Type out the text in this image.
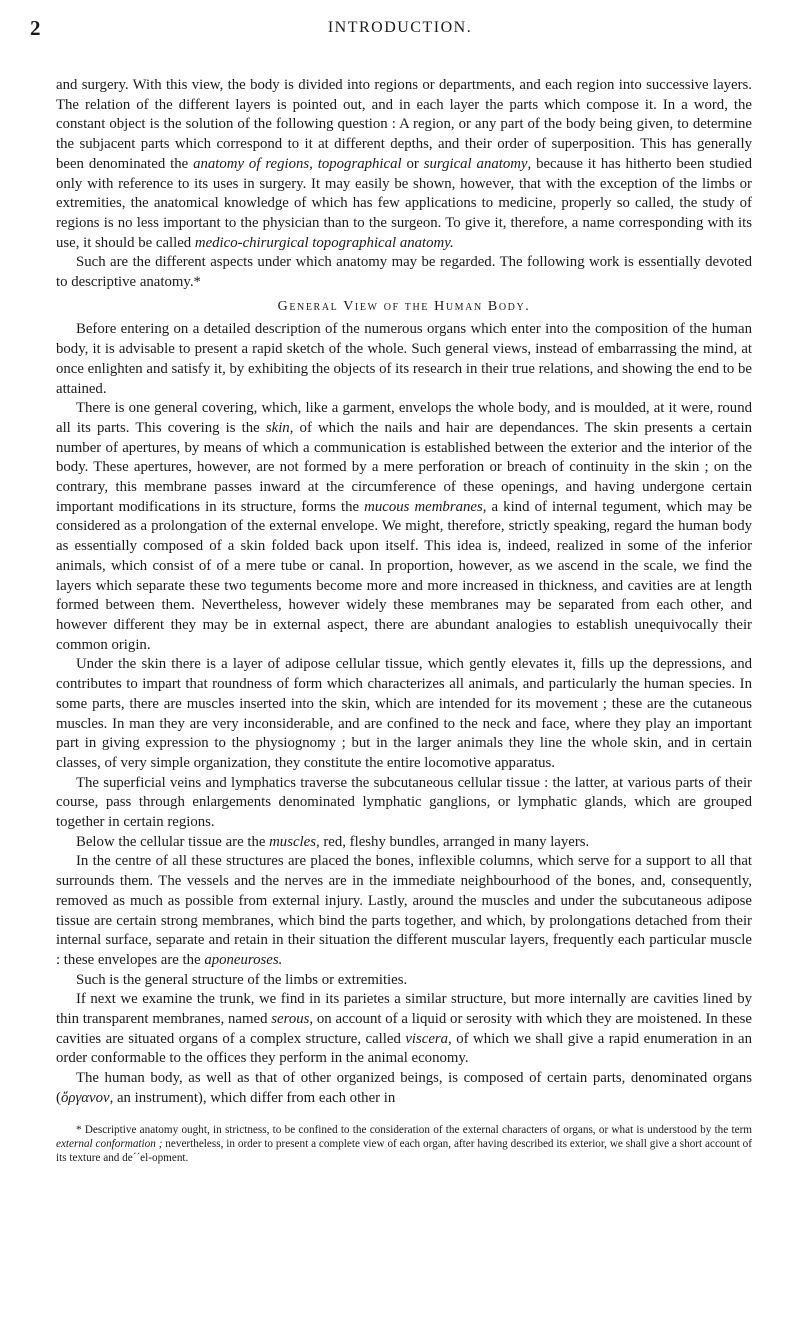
2	INTRODUCTION.

and surgery. With this view, the body is divided into regions or departments, and each region into successive layers. The relation of the different layers is pointed out, and in each layer the parts which compose it. In a word, the constant object is the solution of the following question : A region, or any part of the body being given, to determine the subjacent parts which correspond to it at different depths, and their order of superposition. This has generally been denominated the anatomy of regions, topographical or surgical anatomy, because it has hitherto been studied only with reference to its uses in surgery. It may easily be shown, however, that with the exception of the limbs or extremities, the anatomical knowledge of which has few applications to medicine, properly so called, the study of regions is no less important to the physician than to the surgeon. To give it, therefore, a name corresponding with its use, it should be called medico-chirurgical topographical anatomy.

Such are the different aspects under which anatomy may be regarded. The following work is essentially devoted to descriptive anatomy.*

General View of the Human Body.

Before entering on a detailed description of the numerous organs which enter into the composition of the human body, it is advisable to present a rapid sketch of the whole. Such general views, instead of embarrassing the mind, at once enlighten and satisfy it, by exhibiting the objects of its research in their true relations, and showing the end to be attained.

There is one general covering, which, like a garment, envelops the whole body, and is moulded, at it were, round all its parts. This covering is the skin, of which the nails and hair are dependances. The skin presents a certain number of apertures, by means of which a communication is established between the exterior and the interior of the body. These apertures, however, are not formed by a mere perforation or breach of continuity in the skin ; on the contrary, this membrane passes inward at the circumference of these openings, and having undergone certain important modifications in its structure, forms the mucous membranes, a kind of internal tegument, which may be considered as a prolongation of the external envelope. We might, therefore, strictly speaking, regard the human body as essentially composed of a skin folded back upon itself. This idea is, indeed, realized in some of the inferior animals, which consist of of a mere tube or canal. In proportion, however, as we ascend in the scale, we find the layers which separate these two teguments become more and more increased in thickness, and cavities are at length formed between them. Nevertheless, however widely these membranes may be separated from each other, and however different they may be in external aspect, there are abundant analogies to establish unequivocally their common origin.

Under the skin there is a layer of adipose cellular tissue, which gently elevates it, fills up the depressions, and contributes to impart that roundness of form which characterizes all animals, and particularly the human species. In some parts, there are muscles inserted into the skin, which are intended for its movement ; these are the cutaneous muscles. In man they are very inconsiderable, and are confined to the neck and face, where they play an important part in giving expression to the physiognomy ; but in the larger animals they line the whole skin, and in certain classes, of very simple organization, they constitute the entire locomotive apparatus.

The superficial veins and lymphatics traverse the subcutaneous cellular tissue : the latter, at various parts of their course, pass through enlargements denominated lymphatic ganglions, or lymphatic glands, which are grouped together in certain regions.

Below the cellular tissue are the muscles, red, fleshy bundles, arranged in many layers.

In the centre of all these structures are placed the bones, inflexible columns, which serve for a support to all that surrounds them. The vessels and the nerves are in the immediate neighbourhood of the bones, and, consequently, removed as much as possible from external injury. Lastly, around the muscles and under the subcutaneous adipose tissue are certain strong membranes, which bind the parts together, and which, by prolongations detached from their internal surface, separate and retain in their situation the different muscular layers, frequently each particular muscle : these envelopes are the aponeuroses.

Such is the general structure of the limbs or extremities.

If next we examine the trunk, we find in its parietes a similar structure, but more internally are cavities lined by thin transparent membranes, named serous, on account of a liquid or serosity with which they are moistened. In these cavities are situated organs of a complex structure, called viscera, of which we shall give a rapid enumeration in an order conformable to the offices they perform in the animal economy.

The human body, as well as that of other organized beings, is composed of certain parts, denominated organs (ὄργανον, an instrument), which differ from each other in

* Descriptive anatomy ought, in strictness, to be confined to the consideration of the external characters of organs, or what is understood by the term external conformation ; nevertheless, in order to present a complete view of each organ, after having described its exterior, we shall give a short account of its texture and de´´el-opment.
